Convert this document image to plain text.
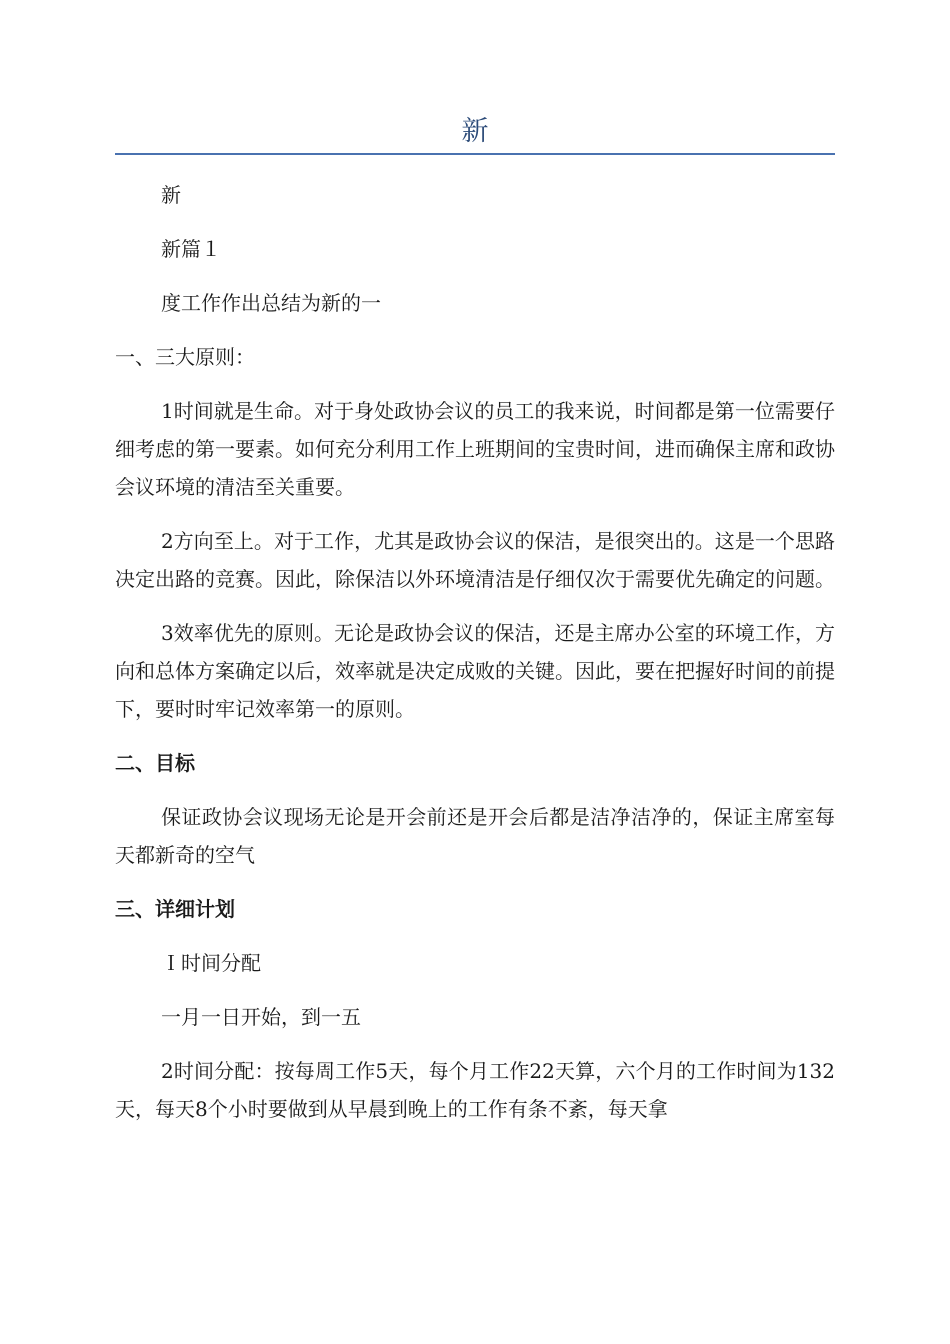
新

新

新篇１

度工作作出总结为新的一

一、三大原则：

1时间就是生命。对于身处政协会议的员工的我来说，时间都是第一位需要仔细考虑的第一要素。如何充分利用工作上班期间的宝贵时间，进而确保主席和政协会议环境的清洁至关重要。

2方向至上。对于工作，尤其是政协会议的保洁，是很突出的。这是一个思路决定出路的竞赛。因此，除保洁以外环境清洁是仔细仅次于需要优先确定的问题。

3效率优先的原则。无论是政协会议的保洁，还是主席办公室的环境工作，方向和总体方案确定以后，效率就是决定成败的关键。因此，要在把握好时间的前提下，要时时牢记效率第一的原则。

二、目标

保证政协会议现场无论是开会前还是开会后都是洁净洁净的，保证主席室每天都新奇的空气

三、详细计划

Ｉ时间分配

一月一日开始，到一五

2时间分配：按每周工作5天，每个月工作22天算，六个月的工作时间为132天，每天8个小时要做到从早晨到晚上的工作有条不紊，每天拿
